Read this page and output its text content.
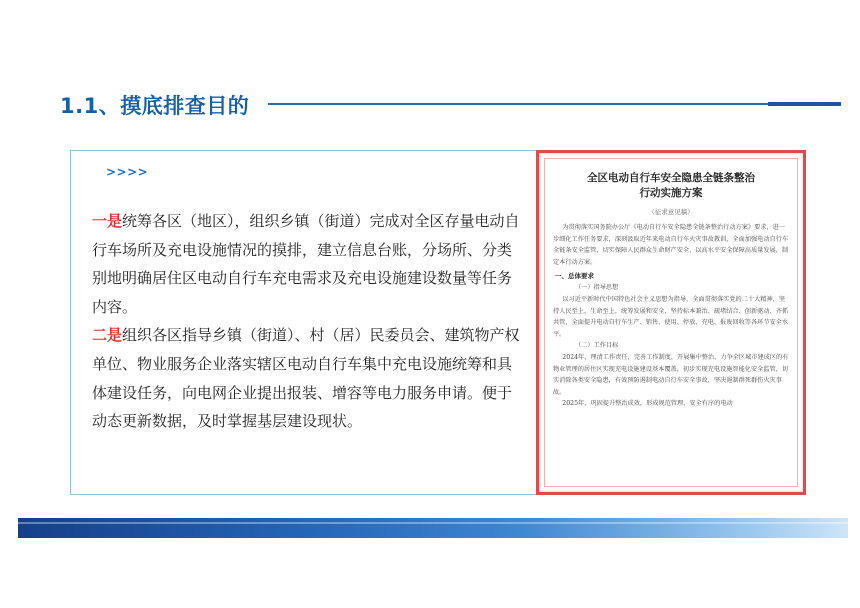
1.1、摸底排查目的
>>>>

一是统筹各区（地区），组织乡镇（街道）完成对全区存量电动自行车场所及充电设施情况的摸排，建立信息台账，分场所、分类别地明确居住区电动自行车充电需求及充电设施建设数量等任务内容。

二是组织各区指导乡镇（街道）、村（居）民委员会、建筑物产权单位、物业服务企业落实辖区电动自行车集中充电设施统筹和具体建设任务，向电网企业提出报装、增容等电力服务申请。便于动态更新数据，及时掌握基层建设现状。

全区电动自行车安全隐患全链条整治
行动实施方案
（征求意见稿）

为贯彻落实国务院办公厅《电动自行车安全隐患全链条整治行动方案》要求，进一步细化工作任务要求，深刻汲取近年来电动自行车火灾事故教训，全面加强电动自行车全链条安全监管，切实保障人民群众生命财产安全，以高水平安全保障高质量发展，制定本行动方案。

一、总体要求
（一）指导思想

以习近平新时代中国特色社会主义思想为指导，全面贯彻落实党的二十大精神，坚持人民至上、生命至上，统筹发展和安全，坚持标本兼治、疏堵结合、创新驱动、齐抓共管，全面提升电动自行车生产、销售、使用、停放、充电、报废回收等各环节安全水平。

（二）工作目标

2024年，理清工作责任，完善工作制度，开展集中整治，力争全区城市建成区的有物业管理的居住区实现充电设施建设基本覆盖，初步实现充电设施智能化安全监管，切实消除各类安全隐患，有效预防遏制电动自行车安全事故，坚决遏制群死群伤火灾事故。

2025年，巩固提升整治成效，形成规范管理、安全有序的电动
